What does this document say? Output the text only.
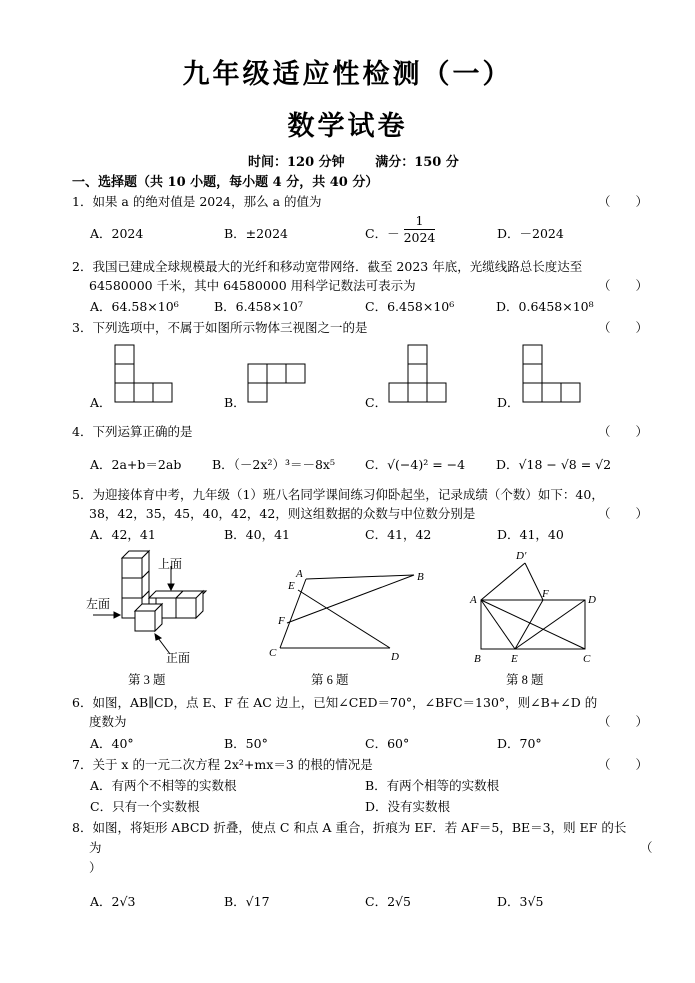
九年级适应性检测（一）
数学试卷
时间：120 分钟 满分：150 分
一、选择题（共 10 小题，每小题 4 分，共 40 分）
1．如果 a 的绝对值是 2024，那么 a 的值为	（　　）
A．2024	B．±2024	C．－ $\frac{1}{2024}$	D．－2024
2．我国已建成全球规模最大的光纤和移动宽带网络．截至 2023 年底，光缆线路总长度达至
64580000 千米，其中 64580000 用科学记数法可表示为	（　　）
A．64.58×10⁶	B．6.458×10⁷	C．6.458×10⁶	D．0.6458×10⁸
3．下列选项中，不属于如图所示物体三视图之一的是	（　　）
A．	B．	C．	D．
4．下列运算正确的是	（　　）
A．2a+b＝2ab B．（－2x²）³＝－8x⁵ C．√(−4)² = −4 D．√18 − √8 = √2
5．为迎接体育中考，九年级（1）班八名同学课间练习仰卧起坐，记录成绩（个数）如下：40，
38，42，35，45，40，42，42，则这组数据的众数与中位数分别是	（　　）
A．42，41	B．40，41	C．41，42	D．41，40
上面
左面
正面
第 3 题
A	B
C	D
E
F
第 6 题
D′
A	F	D
B	E	C
第 8 题
6．如图，AB∥CD，点 E、F 在 AC 边上，已知∠CED＝70°，∠BFC＝130°，则∠B+∠D 的
度数为	（　　）
A．40°	B．50°	C．60°	D．70°
7．关于 x 的一元二次方程 2x²+mx＝3 的根的情况是	（　　）
A．有两个不相等的实数根	B．有两个相等的实数根
C．只有一个实数根	D．没有实数根
8．如图，将矩形 ABCD 折叠，使点 C 和点 A 重合，折痕为 EF．若 AF＝5，BE＝3，则 EF 的长
为	（
）
A．2√3	B．√17	C．2√5	D．3√5
